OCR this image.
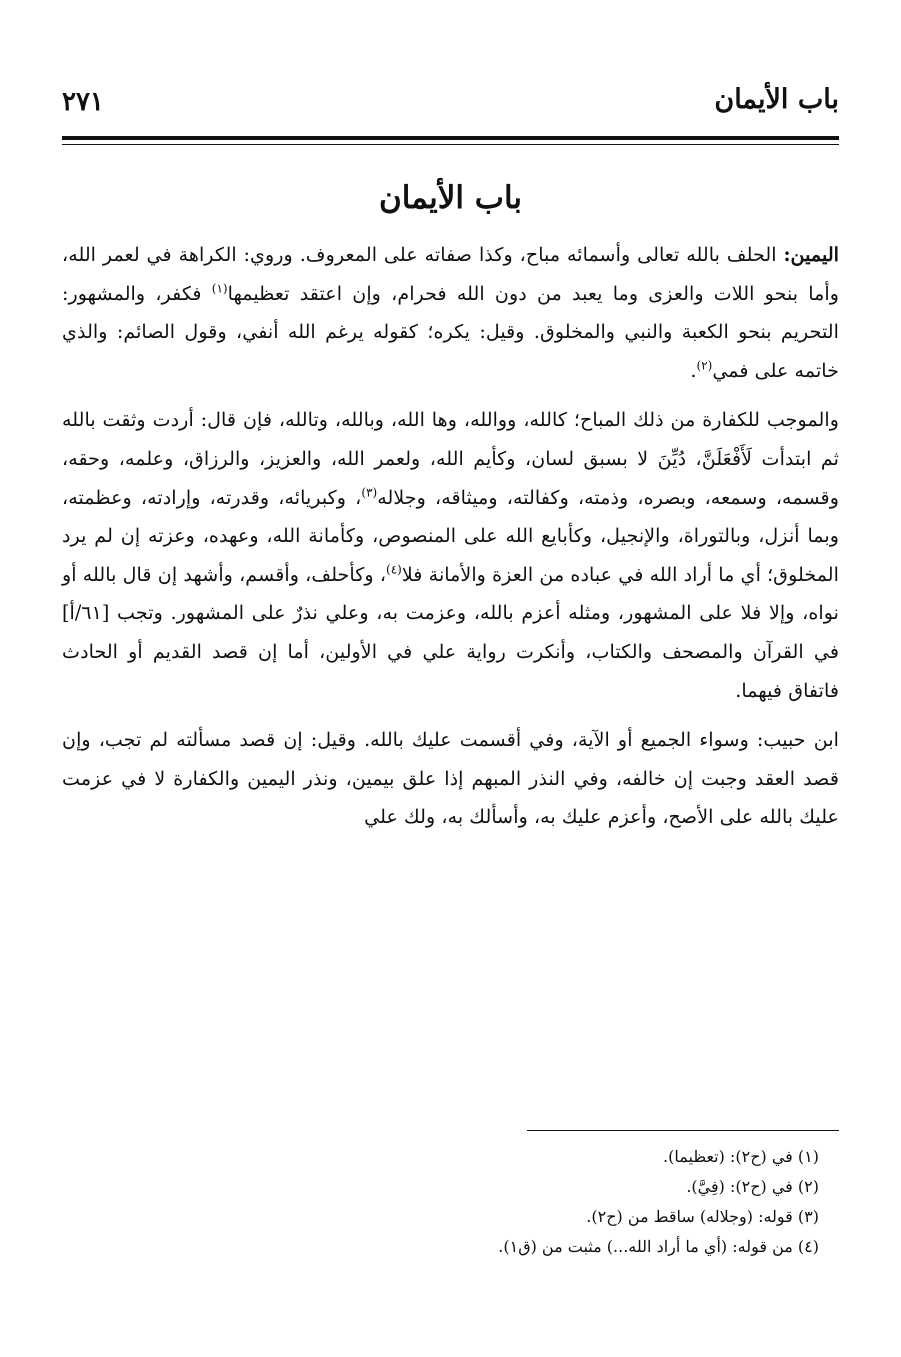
باب الأيمان
٢٧١
باب الأيمان

اليمين: الحلف بالله تعالى وأسمائه مباح، وكذا صفاته على المعروف. وروي: الكراهة في لعمر الله، وأما بنحو اللات والعزى وما يعبد من دون الله فحرام، وإن اعتقد تعظيمها$^{(١)}$ فكفر، والمشهور: التحريم بنحو الكعبة والنبي والمخلوق. وقيل: يكره؛ كقوله يرغم الله أنفي، وقول الصائم: والذي خاتمه على فمي$^{(٢)}$.

والموجب للكفارة من ذلك المباح؛ كالله، ووالله، وها الله، وبالله، وتالله، فإن قال: أردت وثقت بالله ثم ابتدأت لَأَفْعَلَنَّ، دُيِّنَ لا بسبق لسان، وكأيم الله، ولعمر الله، والعزيز، والرزاق، وعلمه، وحقه، وقسمه، وسمعه، وبصره، وذمته، وكفالته، وميثاقه، وجلاله$^{(٣)}$، وكبريائه، وقدرته، وإرادته، وعظمته، وبما أنزل، وبالتوراة، والإنجيل، وكأبايع الله على المنصوص، وكأمانة الله، وعهده، وعزته إن لم يرد المخلوق؛ أي ما أراد الله في عباده من العزة والأمانة فلا$^{(٤)}$، وكأحلف، وأقسم، وأشهد إن قال بالله أو نواه، وإلا فلا على المشهور، ومثله أعزم بالله، وعزمت به، وعلي نذرٌ على المشهور. وتجب [٦١/أ] في القرآن والمصحف والكتاب، وأنكرت رواية علي في الأولين، أما إن قصد القديم أو الحادث فاتفاق فيهما.

ابن حبيب: وسواء الجميع أو الآية، وفي أقسمت عليك بالله. وقيل: إن قصد مسألته لم تجب، وإن قصد العقد وجبت إن خالفه، وفي النذر المبهم إذا علق بيمين، ونذر اليمين والكفارة لا في عزمت عليك بالله على الأصح، وأعزم عليك به، وأسألك به، ولك علي

(١) في (ح٢): (تعظيما).
(٢) في (ح٢): (فِيَّ).
(٣) قوله: (وجلاله) ساقط من (ح٢).
(٤) من قوله: (أي ما أراد الله...) مثبت من (ق١).
